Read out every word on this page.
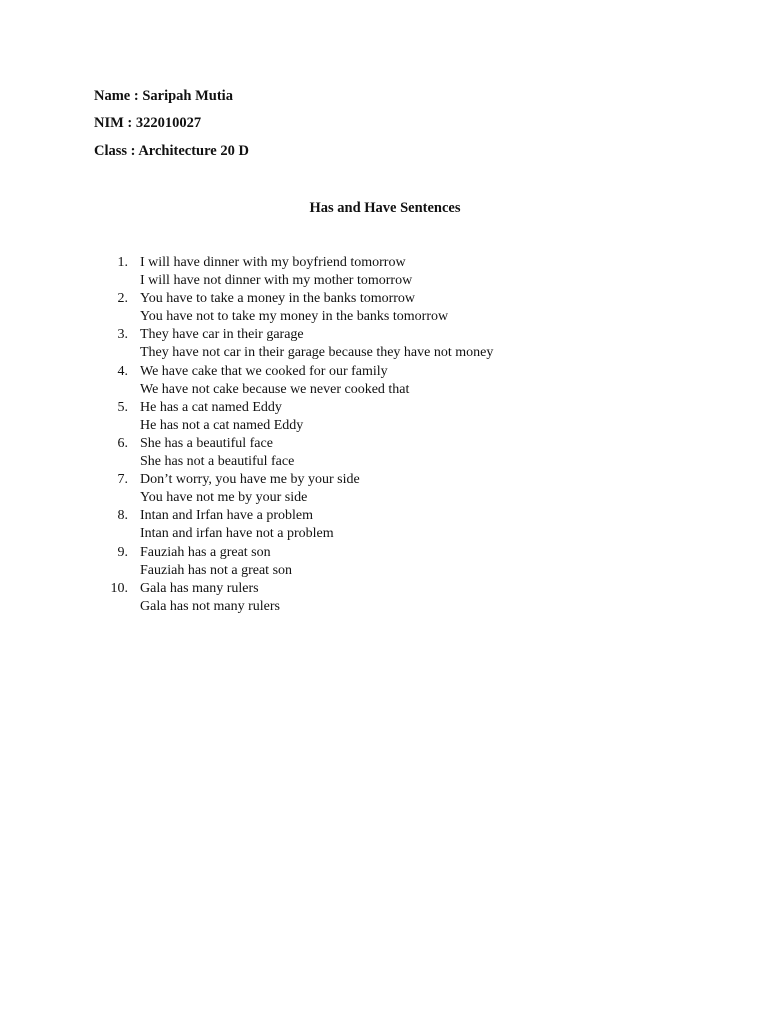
Name : Saripah Mutia
NIM : 322010027
Class : Architecture 20 D
Has and Have Sentences
1. I will have dinner with my boyfriend tomorrow
I will have not dinner with my mother tomorrow
2. You have to take a money in the banks tomorrow
You have not to take my money in the banks tomorrow
3. They have car in their garage
They have not car in their garage because they have not money
4. We have cake that we cooked for our family
We have not cake because we never cooked that
5. He has a cat named Eddy
He has not a cat named Eddy
6. She has a beautiful face
She has not a beautiful face
7. Don’t worry, you have me by your side
You have not me by your side
8. Intan and Irfan have a problem
Intan and irfan have not a problem
9. Fauziah has a great son
Fauziah has not a great son
10. Gala has many rulers
Gala has not many rulers
